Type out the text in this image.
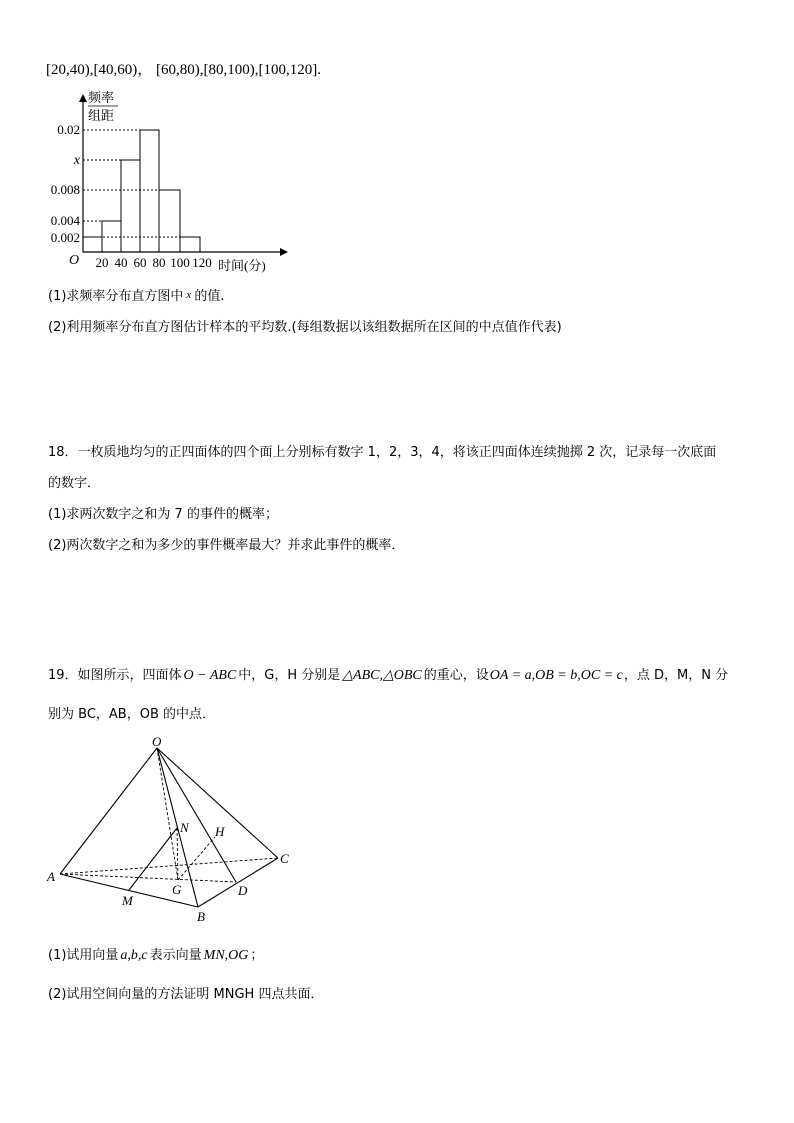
[20,40),[40,60)， [60,80),[80,100),[100,120].
频率
组距
0.02
x
0.008
0.004
0.002
O 20 40 60 80 100 120 时间(分)
(1)求频率分布直方图中 x 的值.
(2)利用频率分布直方图估计样本的平均数.(每组数据以该组数据所在区间的中点值作代表)
18．一枚质地均匀的正四面体的四个面上分别标有数字 1，2，3，4，将该正四面体连续抛掷 2 次，记录每一次底面
的数字．
(1)求两次数字之和为 7 的事件的概率；
(2)两次数字之和为多少的事件概率最大？并求此事件的概率．
19．如图所示，四面体 O − ABC 中，G，H 分别是 △ABC,△OBC 的重心，设OA = a,OB = b,OC = c，点 D，M，N 分
别为 BC，AB，OB 的中点．
O
A
B
C
D
G
H
M
N
(1)试用向量 a,b,c 表示向量 MN,OG ；
(2)试用空间向量的方法证明 MNGH 四点共面．
